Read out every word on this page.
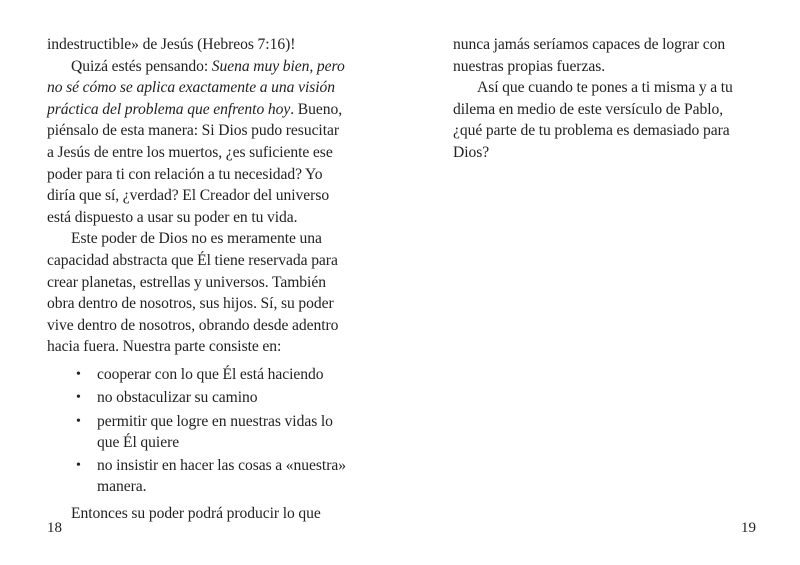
indestructible» de Jesús (Hebreos 7:16)!

Quizá estés pensando: Suena muy bien, pero no sé cómo se aplica exactamente a una visión práctica del problema que enfrento hoy. Bueno, piénsalo de esta manera: Si Dios pudo resucitar a Jesús de entre los muertos, ¿es suficiente ese poder para ti con relación a tu necesidad? Yo diría que sí, ¿verdad? El Creador del universo está dispuesto a usar su poder en tu vida.

Este poder de Dios no es meramente una capacidad abstracta que Él tiene reservada para crear planetas, estrellas y universos. También obra dentro de nosotros, sus hijos. Sí, su poder vive dentro de nosotros, obrando desde adentro hacia fuera. Nuestra parte consiste en:

• cooperar con lo que Él está haciendo
• no obstaculizar su camino
• permitir que logre en nuestras vidas lo que Él quiere
• no insistir en hacer las cosas a «nuestra» manera.

Entonces su poder podrá producir lo que

18

nunca jamás seríamos capaces de lograr con nuestras propias fuerzas.

Así que cuando te pones a ti misma y a tu dilema en medio de este versículo de Pablo, ¿qué parte de tu problema es demasiado para Dios?

19
